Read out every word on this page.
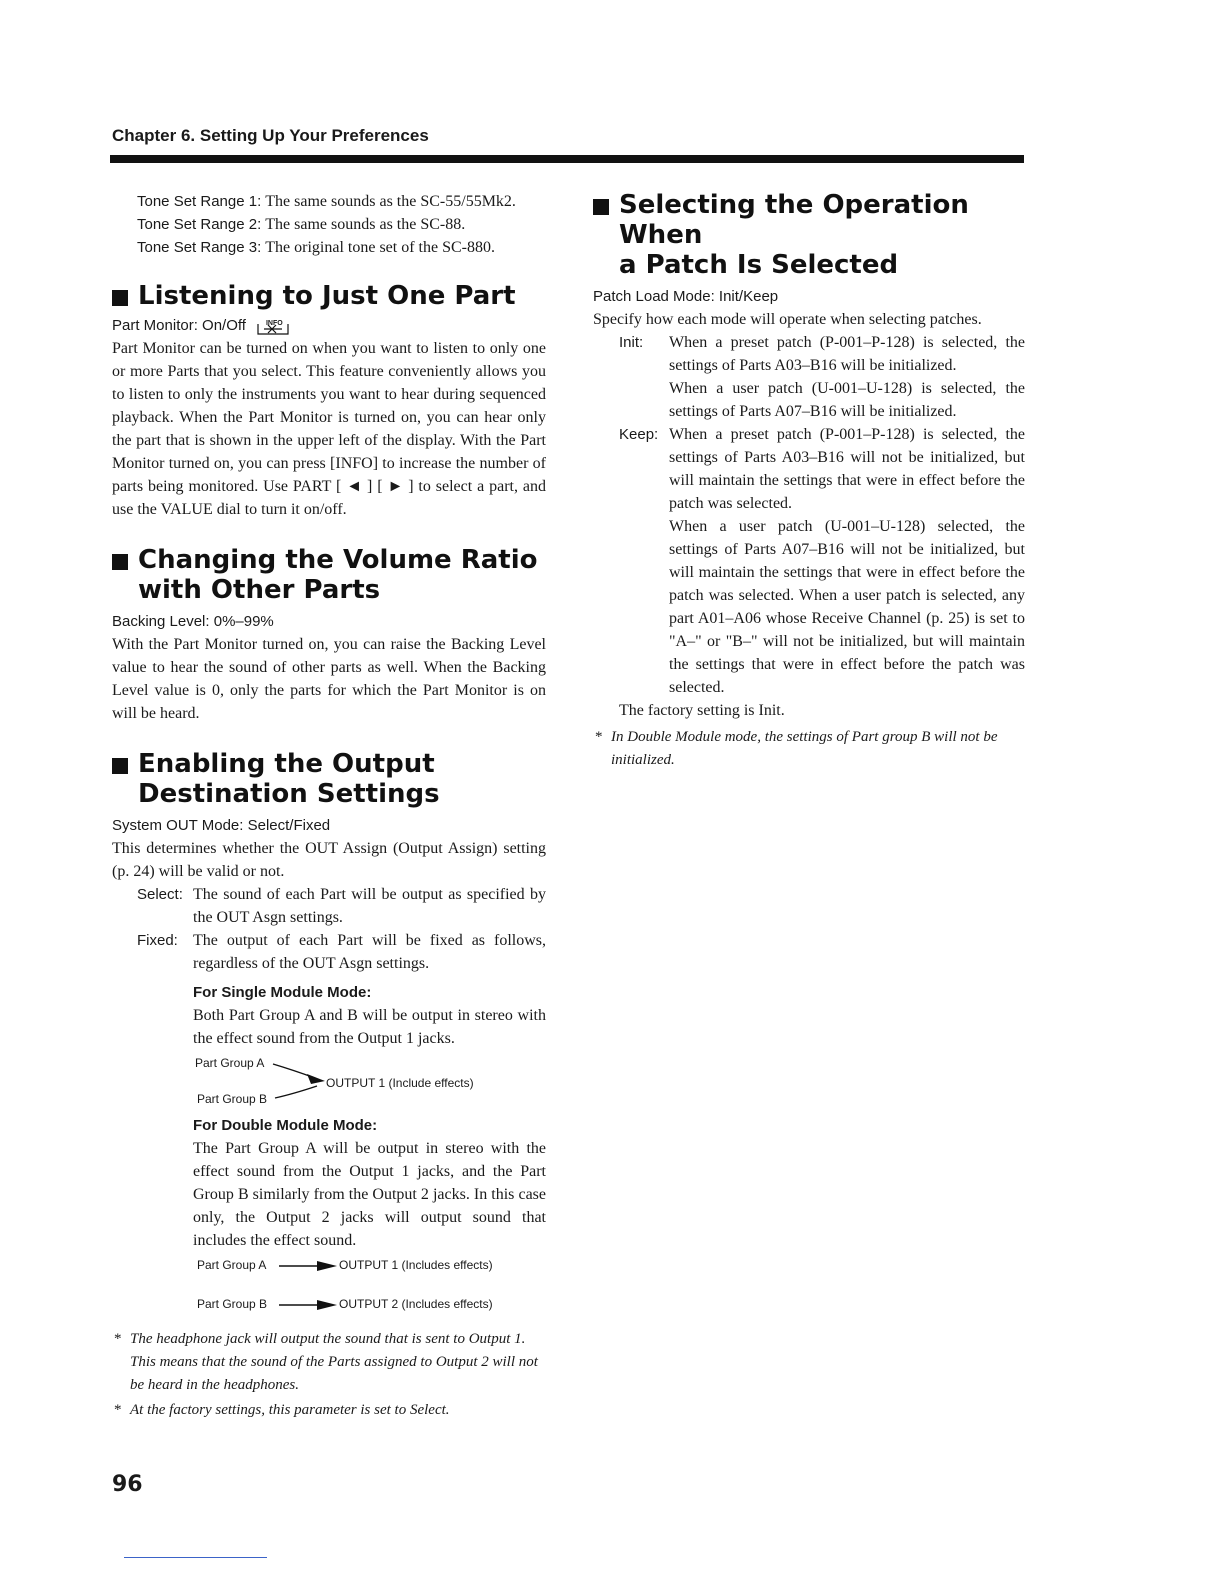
Chapter 6. Setting Up Your Preferences
Tone Set Range 1:
The same sounds as the SC-55/55Mk2.
Tone Set Range 2:
The same sounds as the SC-88.
Tone Set Range 3:
The original tone set of the SC-880.
Listening to Just One Part
Part Monitor: On/Off	INFO
Part Monitor can be turned on when you want to listen to only one or more Parts that you select. This feature conveniently allows you to listen to only the instruments you want to hear during sequenced playback. When the Part Monitor is turned on, you can hear only the part that is shown in the upper left of the display. With the Part Monitor turned on, you can press [INFO] to increase the number of parts being monitored. Use PART [ ◄ ] [ ► ] to select a part, and use the VALUE dial to turn it on/off.
Changing the Volume Ratio
with Other Parts
Backing Level: 0%–99%
With the Part Monitor turned on, you can raise the Backing Level value to hear the sound of other parts as well. When the Backing Level value is 0, only the parts for which the Part Monitor is on will be heard.
Enabling the Output
Destination Settings
System OUT Mode: Select/Fixed
This determines whether the OUT Assign (Output Assign) setting (p. 24) will be valid or not.
Select: The sound of each Part will be output as specified by the OUT Asgn settings.
Fixed: The output of each Part will be fixed as follows, regardless of the OUT Asgn settings.
For Single Module Mode:
Both Part Group A and B will be output in stereo with the effect sound from the Output 1 jacks.
Part Group A
Part Group B
OUTPUT 1 (Include effects)
For Double Module Mode:
The Part Group A will be output in stereo with the effect sound from the Output 1 jacks, and the Part Group B similarly from the Output 2 jacks. In this case only, the Output 2 jacks will output sound that includes the effect sound.
Part Group A	OUTPUT 1 (Includes effects)
Part Group B	OUTPUT 2 (Includes effects)
* The headphone jack will output the sound that is sent to Output 1. This means that the sound of the Parts assigned to Output 2 will not be heard in the headphones.
* At the factory settings, this parameter is set to Select.
Selecting the Operation When
a Patch Is Selected
Patch Load Mode: Init/Keep
Specify how each mode will operate when selecting patches.
Init:	When a preset patch (P-001–P-128) is selected, the settings of Parts A03–B16 will be initialized.
When a user patch (U-001–U-128) is selected, the settings of Parts A07–B16 will be initialized.
Keep: When a preset patch (P-001–P-128) is selected, the settings of Parts A03–B16 will not be initialized, but will maintain the settings that were in effect before the patch was selected.
When a user patch (U-001–U-128) selected, the settings of Parts A07–B16 will not be initialized, but will maintain the settings that were in effect before the patch was selected. When a user patch is selected, any part A01–A06 whose Receive Channel (p. 25) is set to "A–" or "B–" will not be initialized, but will maintain the settings that were in effect before the patch was selected.
The factory setting is Init.
* In Double Module mode, the settings of Part group B will not be initialized.
96
